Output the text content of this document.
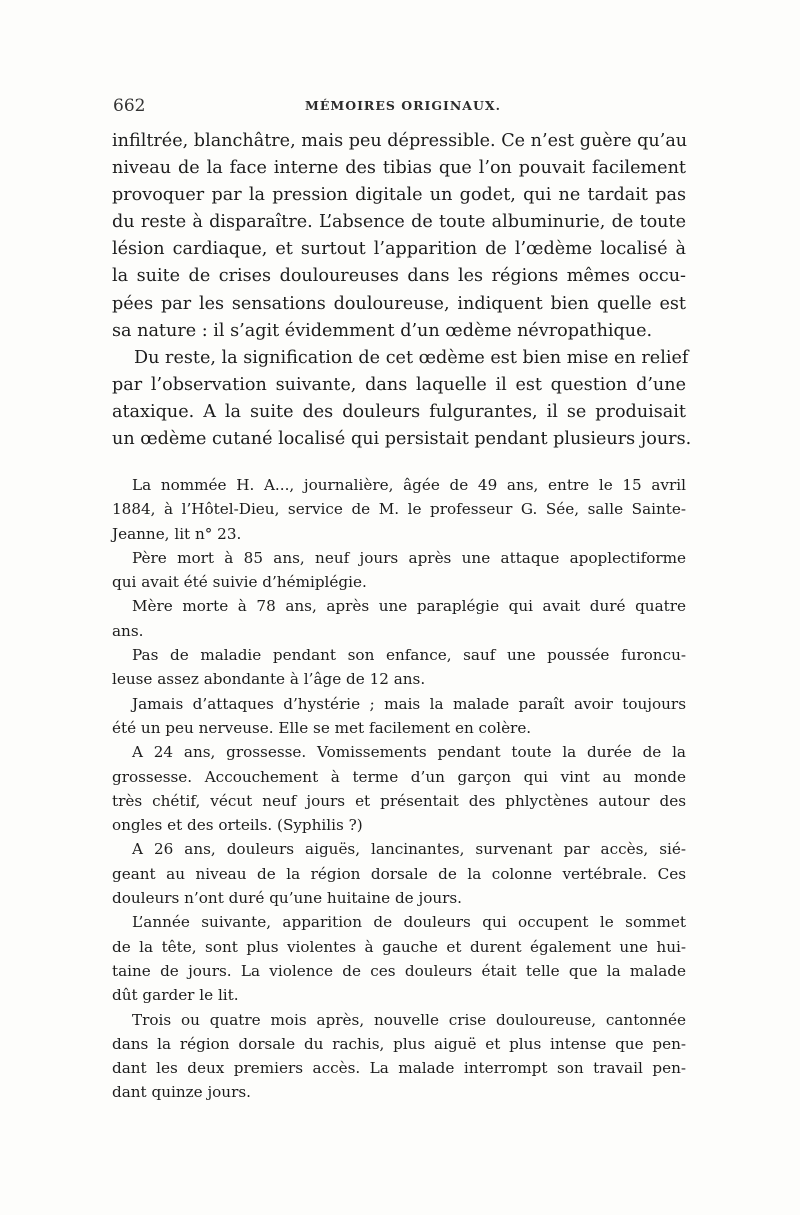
662	MÉMOIRES ORIGINAUX.
infiltrée, blanchâtre, mais peu dépressible. Ce n’est guère qu’au
niveau de la face interne des tibias que l’on pouvait facilement
provoquer par la pression digitale un godet, qui ne tardait pas
du reste à disparaître. L’absence de toute albuminurie, de toute
lésion cardiaque, et surtout l’apparition de l’œdème localisé à
la suite de crises douloureuses dans les régions mêmes occu-
pées par les sensations douloureuse, indiquent bien quelle est
sa nature : il s’agit évidemment d’un œdème névropathique.
Du reste, la signification de cet œdème est bien mise en relief
par l’observation suivante, dans laquelle il est question d’une
ataxique. A la suite des douleurs fulgurantes, il se produisait
un œdème cutané localisé qui persistait pendant plusieurs jours.
La nommée H. A..., journalière, âgée de 49 ans, entre le 15 avril
1884, à l’Hôtel-Dieu, service de M. le professeur G. Sée, salle Sainte-
Jeanne, lit n° 23.
Père mort à 85 ans, neuf jours après une attaque apoplectiforme
qui avait été suivie d’hémiplégie.
Mère morte à 78 ans, après une paraplégie qui avait duré quatre
ans.
Pas de maladie pendant son enfance, sauf une poussée furoncu-
leuse assez abondante à l’âge de 12 ans.
Jamais d’attaques d’hystérie ; mais la malade paraît avoir toujours
été un peu nerveuse. Elle se met facilement en colère.
A 24 ans, grossesse. Vomissements pendant toute la durée de la
grossesse. Accouchement à terme d’un garçon qui vint au monde
très chétif, vécut neuf jours et présentait des phlyctènes autour des
ongles et des orteils. (Syphilis ?)
A 26 ans, douleurs aiguës, lancinantes, survenant par accès, sié-
geant au niveau de la région dorsale de la colonne vertébrale. Ces
douleurs n’ont duré qu’une huitaine de jours.
L’année suivante, apparition de douleurs qui occupent le sommet
de la tête, sont plus violentes à gauche et durent également une hui-
taine de jours. La violence de ces douleurs était telle que la malade
dût garder le lit.
Trois ou quatre mois après, nouvelle crise douloureuse, cantonnée
dans la région dorsale du rachis, plus aiguë et plus intense que pen-
dant les deux premiers accès. La malade interrompt son travail pen-
dant quinze jours.
